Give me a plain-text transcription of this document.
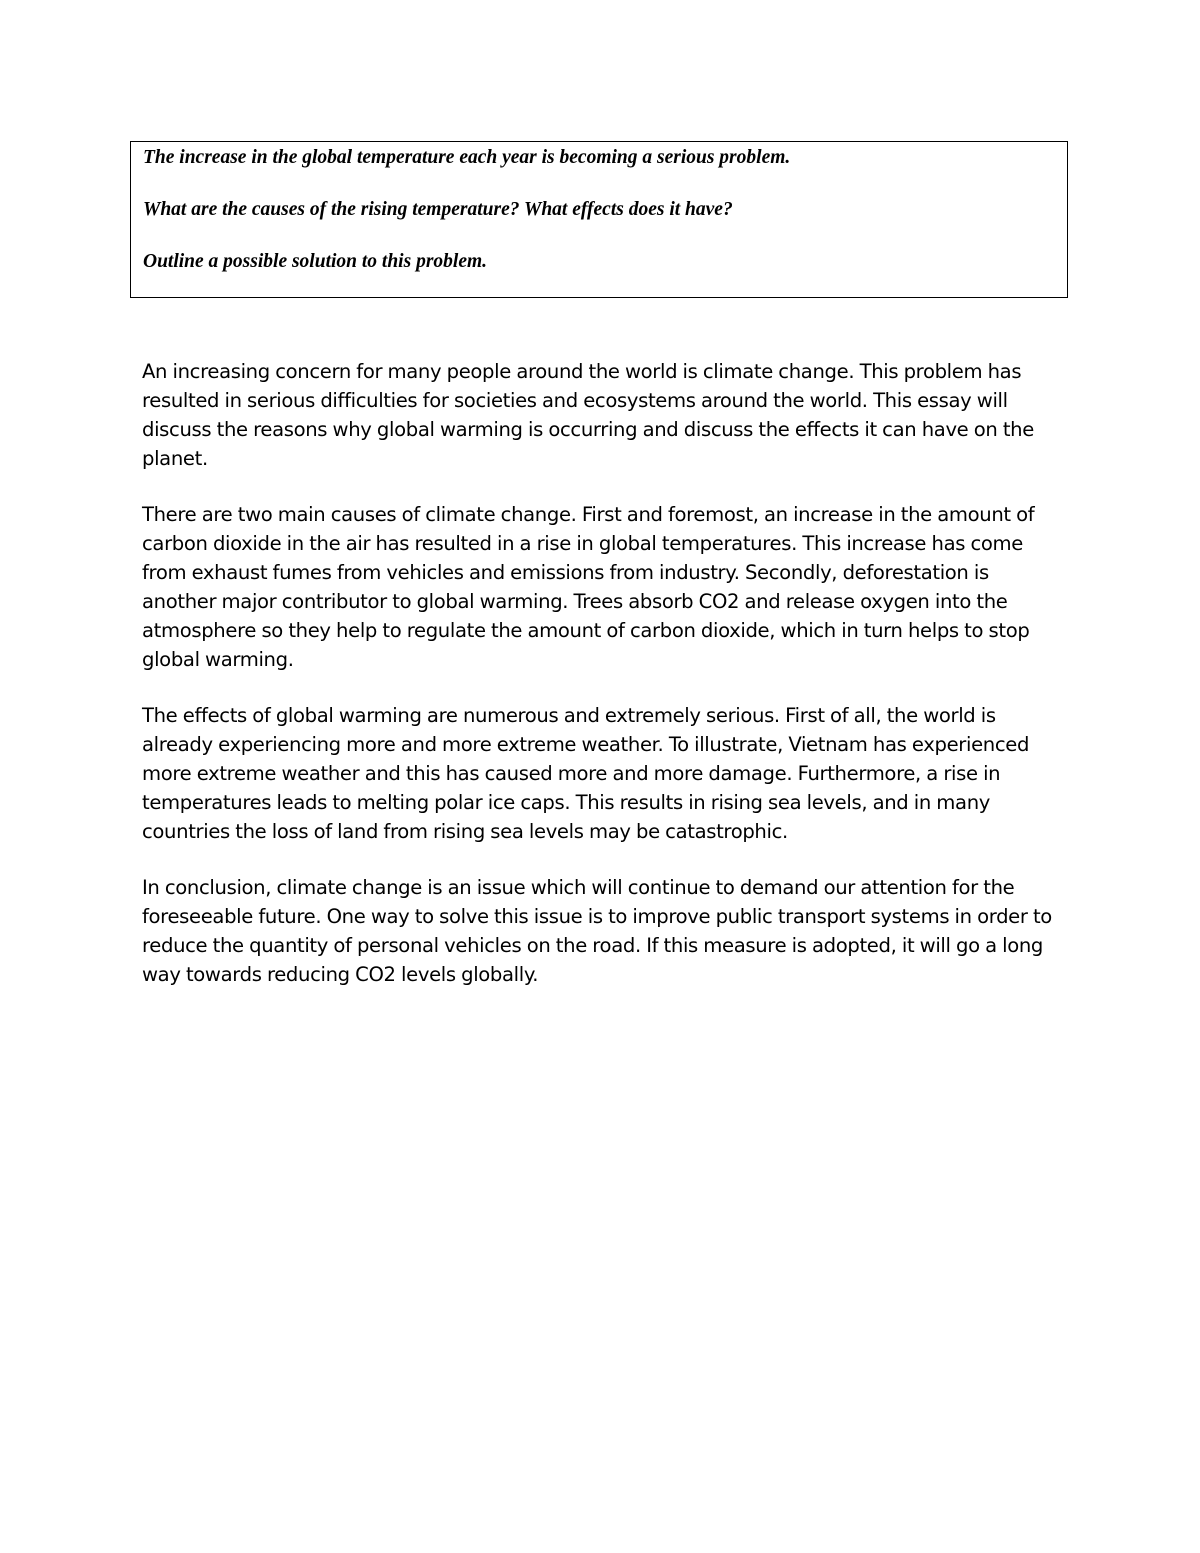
The increase in the global temperature each year is becoming a serious problem.

What are the causes of the rising temperature? What effects does it have?

Outline a possible solution to this problem.

An increasing concern for many people around the world is climate change. This problem has resulted in serious difficulties for societies and ecosystems around the world. This essay will discuss the reasons why global warming is occurring and discuss the effects it can have on the planet.

There are two main causes of climate change. First and foremost, an increase in the amount of carbon dioxide in the air has resulted in a rise in global temperatures. This increase has come from exhaust fumes from vehicles and emissions from industry. Secondly, deforestation is another major contributor to global warming. Trees absorb CO2 and release oxygen into the atmosphere so they help to regulate the amount of carbon dioxide, which in turn helps to stop global warming.

The effects of global warming are numerous and extremely serious. First of all, the world is already experiencing more and more extreme weather. To illustrate, Vietnam has experienced more extreme weather and this has caused more and more damage. Furthermore, a rise in temperatures leads to melting polar ice caps. This results in rising sea levels, and in many countries the loss of land from rising sea levels may be catastrophic.

In conclusion, climate change is an issue which will continue to demand our attention for the foreseeable future. One way to solve this issue is to improve public transport systems in order to reduce the quantity of personal vehicles on the road. If this measure is adopted, it will go a long way towards reducing CO2 levels globally.
